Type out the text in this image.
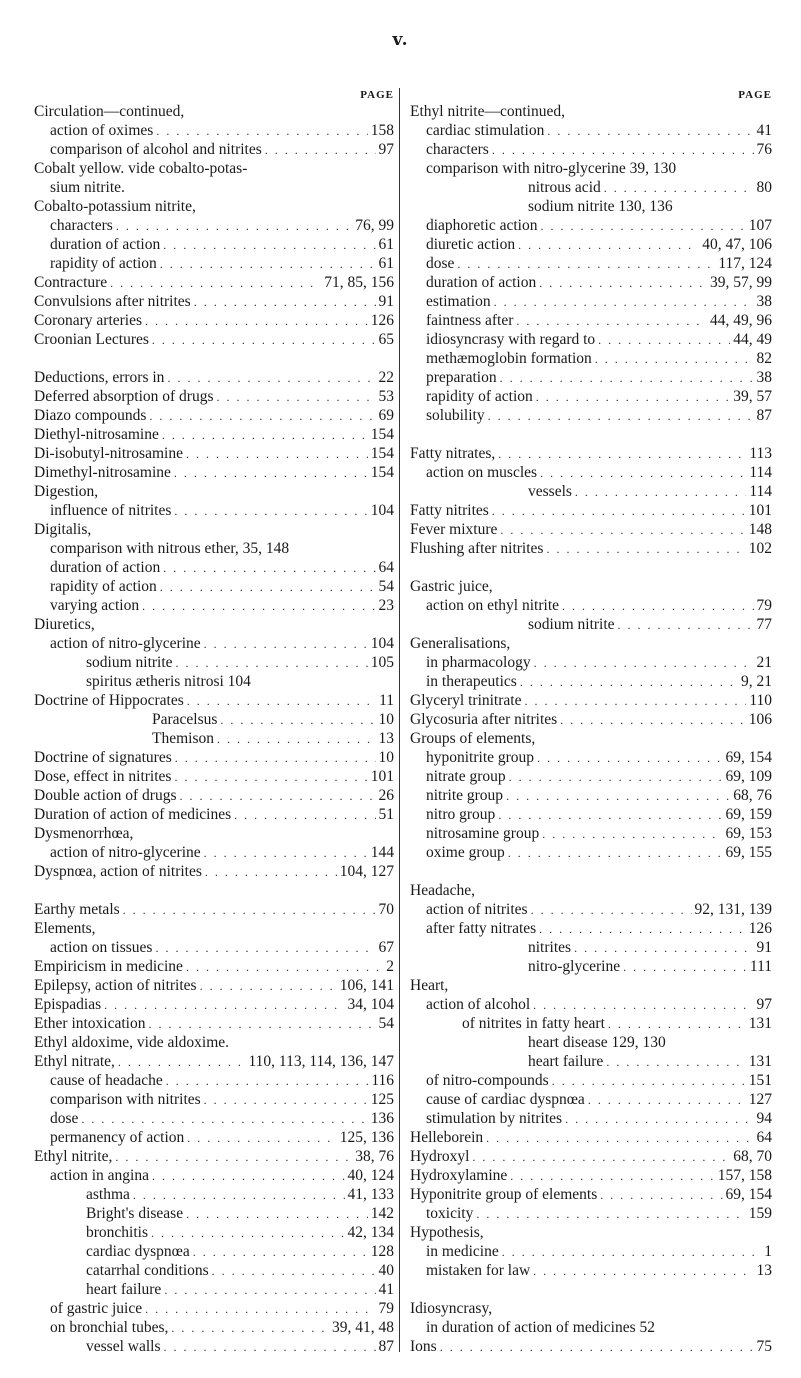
v.
PAGE
Circulation—continued,
action of oximes . . .	158
comparison of alcohol and nitrites . . .	97
Cobalt yellow. vide cobalto-potas-
sium nitrite.
Cobalto-potassium nitrite,
characters . . .	76, 99
duration of action . . .	61
rapidity of action . . .	61
Contracture . . .	71, 85, 156
Convulsions after nitrites . . .	91
Coronary arteries . . .	126
Croonian Lectures . . .	65
Deductions, errors in . . .	22
Deferred absorption of drugs . . .	53
Diazo compounds . . .	69
Diethyl-nitrosamine . . .	154
Di-isobutyl-nitrosamine . . .	154
Dimethyl-nitrosamine . . .	154
Digestion,
influence of nitrites . . .	104
Digitalis,
comparison with nitrous ether, 35, 148
duration of action . . .	64
rapidity of action . . .	54
varying action . . .	23
Diuretics,
action of nitro-glycerine . . .	104
sodium nitrite . . .	105
spiritus ætheris nitrosi 104
Doctrine of Hippocrates . . .	11
Paracelsus . . .	10
Themison . . .	13
Doctrine of signatures . . .	10
Dose, effect in nitrites . . .	101
Double action of drugs . . .	26
Duration of action of medicines . . .	51
Dysmenorrhœa,
action of nitro-glycerine . . .	144
Dyspnœa, action of nitrites . . .	104, 127
Earthy metals . . .	70
Elements,
action on tissues . . .	67
Empiricism in medicine . . .	2
Epilepsy, action of nitrites . . .	106, 141
Epispadias . . .	34, 104
Ether intoxication . . .	54
Ethyl aldoxime, vide aldoxime.
Ethyl nitrate, . . .	110, 113, 114, 136, 147
cause of headache . . .	116
comparison with nitrites . . .	125
dose . . .	136
permanency of action . . .	125, 136
Ethyl nitrite, . . .	38, 76
action in angina . . .	40, 124
asthma . . .	41, 133
Bright's disease . . .	142
bronchitis . . .	42, 134
cardiac dyspnœa . . .	128
catarrhal conditions . . .	40
heart failure . . .	41
of gastric juice . . .	79
on bronchial tubes, . . .	39, 41, 48
vessel walls . . .	87
PAGE
Ethyl nitrite—continued,
cardiac stimulation . . .	41
characters . . .	76
comparison with nitro-glycerine 39, 130
nitrous acid . . .	80
sodium nitrite 130, 136
diaphoretic action . . .	107
diuretic action . . .	40, 47, 106
dose . . .	117, 124
duration of action . . .	39, 57, 99
estimation . . .	38
faintness after . . .	44, 49, 96
idiosyncrasy with regard to . . .	44, 49
methæmoglobin formation . . .	82
preparation . . .	38
rapidity of action . . .	39, 57
solubility . . .	87
Fatty nitrates, . . .	113
action on muscles . . .	114
vessels . . .	114
Fatty nitrites . . .	101
Fever mixture . . .	148
Flushing after nitrites . . .	102
Gastric juice,
action on ethyl nitrite . . .	79
sodium nitrite . . .	77
Generalisations,
in pharmacology . . .	21
in therapeutics . . .	9, 21
Glyceryl trinitrate . . .	110
Glycosuria after nitrites . . .	106
Groups of elements,
hyponitrite group . . .	69, 154
nitrate group . . .	69, 109
nitrite group . . .	68, 76
nitro group . . .	69, 159
nitrosamine group . . .	69, 153
oxime group . . .	69, 155
Headache,
action of nitrites . . .	92, 131, 139
after fatty nitrates . . .	126
nitrites . . .	91
nitro-glycerine . . .	111
Heart,
action of alcohol . . .	97
of nitrites in fatty heart . . .	131
heart disease 129, 130
heart failure . . .	131
of nitro-compounds . . .	151
cause of cardiac dyspnœa . . .	127
stimulation by nitrites . . .	94
Helleborein . . .	64
Hydroxyl . . .	68, 70
Hydroxylamine . . .	157, 158
Hyponitrite group of elements . . .	69, 154
toxicity . . .	159
Hypothesis,
in medicine . . .	1
mistaken for law . . .	13
Idiosyncrasy,
in duration of action of medicines 52
Ions . . .	75
